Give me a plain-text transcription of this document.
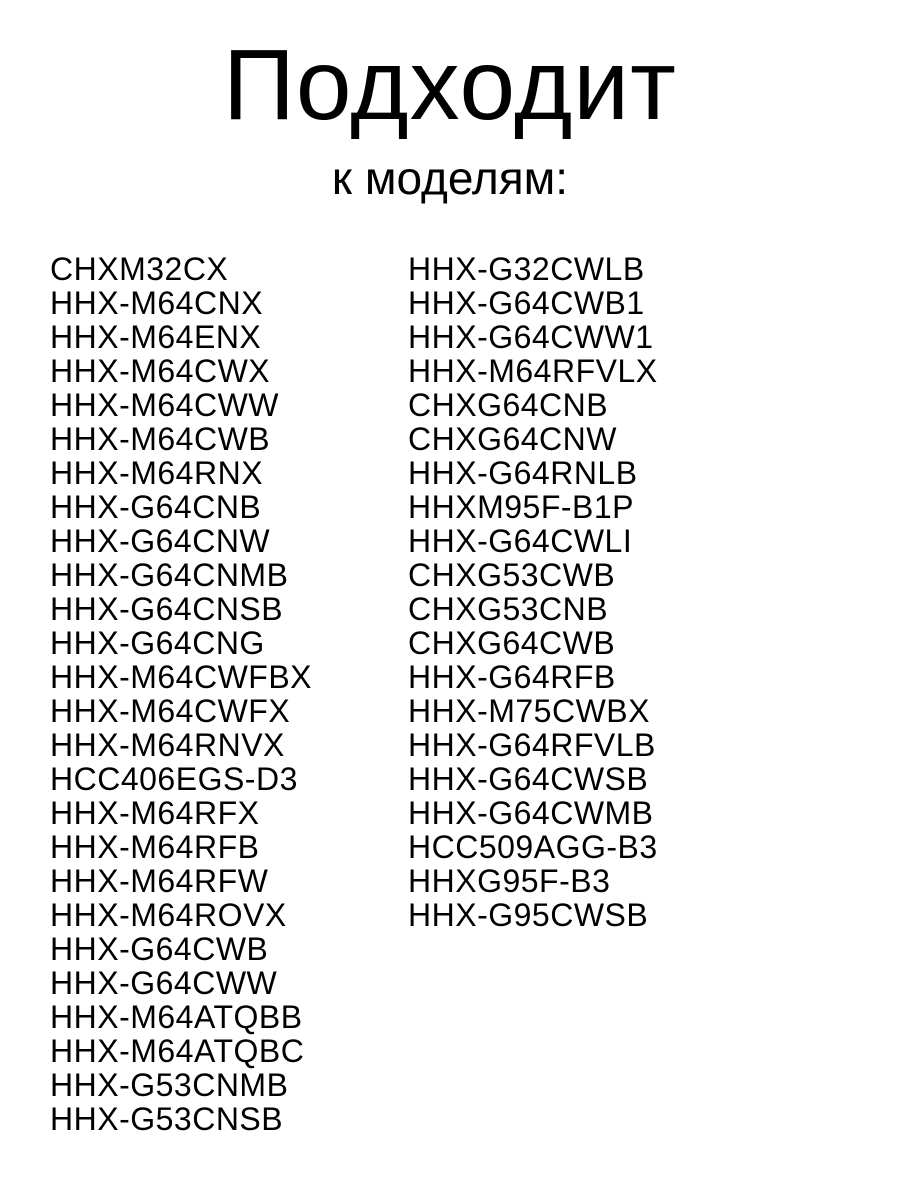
Подходит
к моделям:
CHXM32CX
HHX-M64CNX
HHX-M64ENX
HHX-M64CWX
HHX-M64CWW
HHX-M64CWB
HHX-M64RNX
HHX-G64CNB
HHX-G64CNW
HHX-G64CNMB
HHX-G64CNSB
HHX-G64CNG
HHX-M64CWFBX
HHX-M64CWFX
HHX-M64RNVX
HCC406EGS-D3
HHX-M64RFX
HHX-M64RFB
HHX-M64RFW
HHX-M64ROVX
HHX-G64CWB
HHX-G64CWW
HHX-M64ATQBB
HHX-M64ATQBC
HHX-G53CNMB
HHX-G53CNSB
HHX-G32CWLB
HHX-G64CWB1
HHX-G64CWW1
HHX-M64RFVLX
CHXG64CNB
CHXG64CNW
HHX-G64RNLB
HHXM95F-B1P
HHX-G64CWLI
CHXG53CWB
CHXG53CNB
CHXG64CWB
HHX-G64RFB
HHX-M75CWBX
HHX-G64RFVLB
HHX-G64CWSB
HHX-G64CWMB
HCC509AGG-B3
HHXG95F-B3
HHX-G95CWSB
